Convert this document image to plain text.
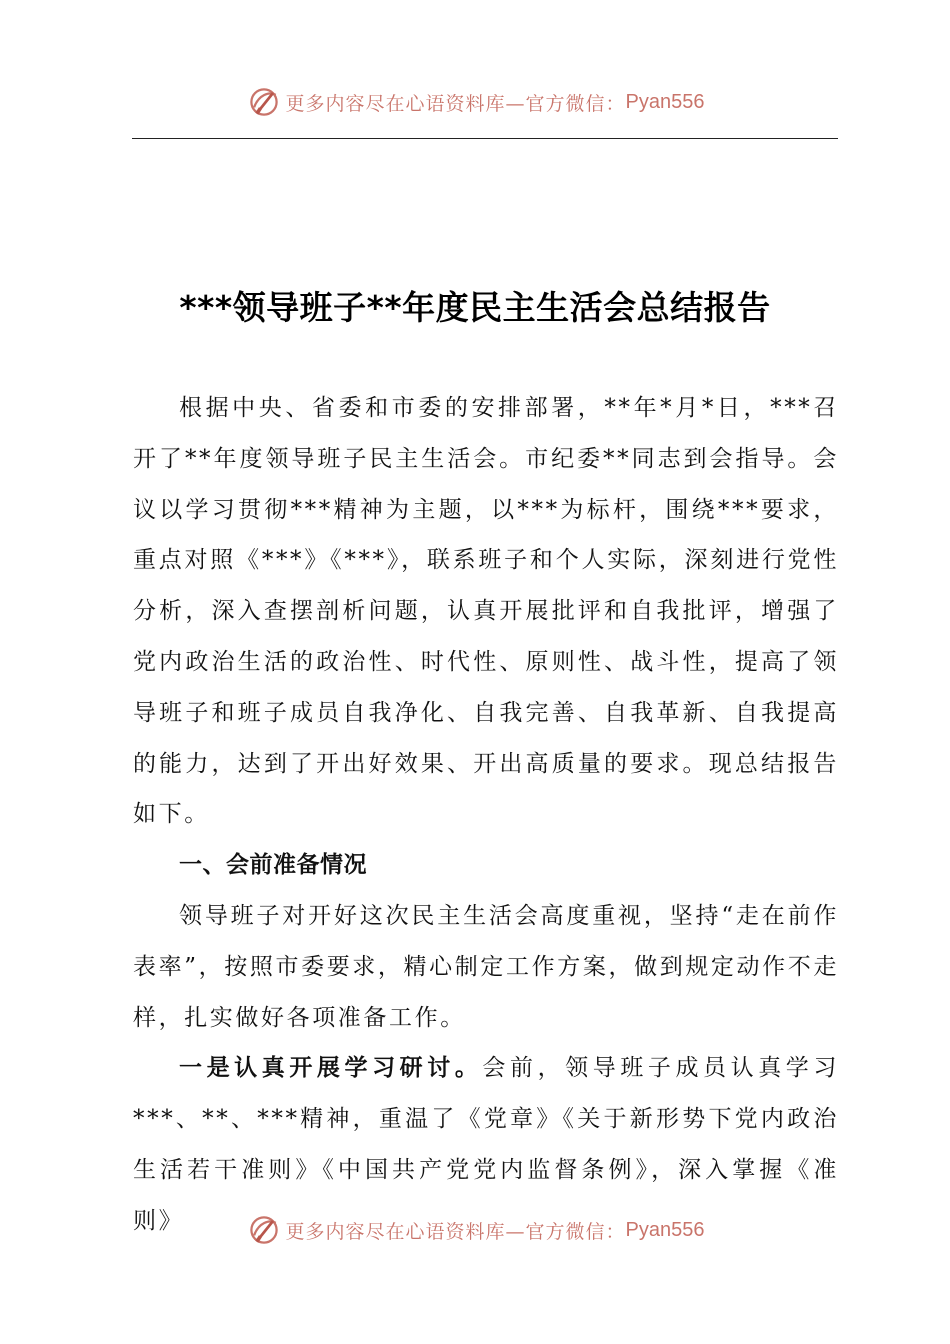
更多内容尽在心语资料库—官方微信： Pyan556
***领导班子**年度民主生活会总结报告

根据中央、省委和市委的安排部署，**年*月*日，***召开了**年度领导班子民主生活会。市纪委**同志到会指导。会议以学习贯彻***精神为主题，以***为标杆，围绕***要求，重点对照《***》《***》，联系班子和个人实际，深刻进行党性分析，深入查摆剖析问题，认真开展批评和自我批评，增强了党内政治生活的政治性、时代性、原则性、战斗性，提高了领导班子和班子成员自我净化、自我完善、自我革新、自我提高的能力，达到了开出好效果、开出高质量的要求。现总结报告如下。

一、会前准备情况

领导班子对开好这次民主生活会高度重视，坚持“走在前作表率”，按照市委要求，精心制定工作方案，做到规定动作不走样，扎实做好各项准备工作。

一是认真开展学习研讨。会前，领导班子成员认真学习***、**、***精神，重温了《党章》《关于新形势下党内政治生活若干准则》《中国共产党党内监督条例》，深入掌握《准则》	更多内容尽在心语资料库—官方微信： Pyan556
